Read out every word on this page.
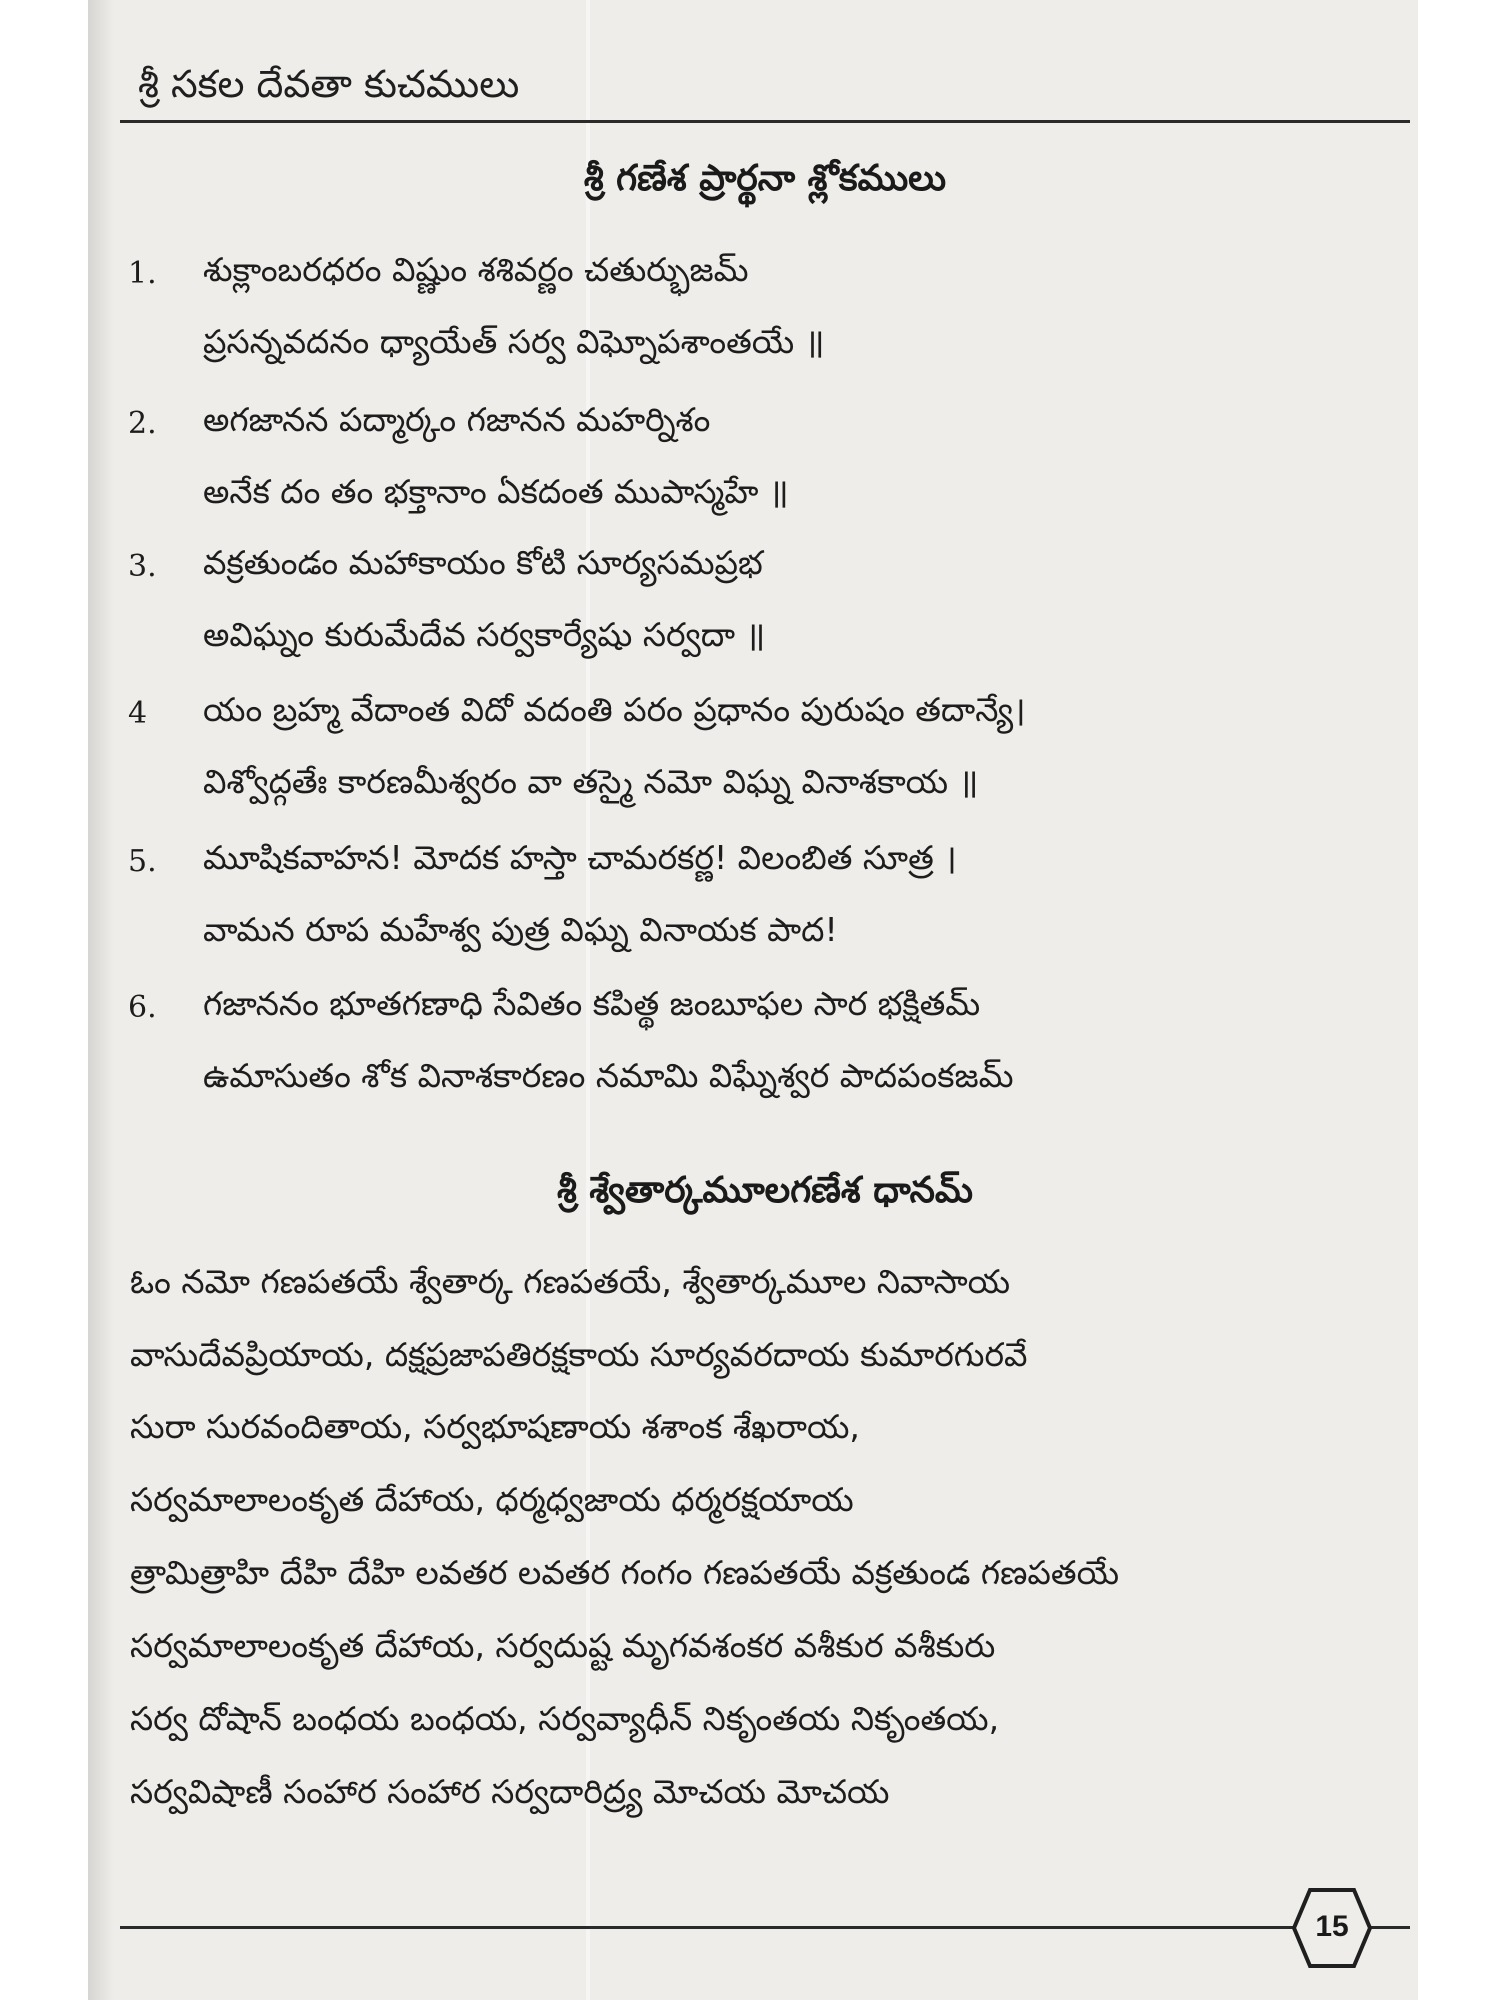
శ్రీ సకల దేవతా కుచములు
శ్రీ గణేశ ప్రార్థనా శ్లోకములు
1.	శుక్లాంబరధరం విష్ణుం శశివర్ణం చతుర్భుజమ్
ప్రసన్నవదనం ధ్యాయేత్ సర్వ విఘ్నోపశాంతయే ॥
2.	అగజానన పద్మార్కం గజానన మహర్నిశం
అనేక దం తం భక్తానాం ఏకదంత ముపాస్మహే ॥
3.	వక్రతుండం మహాకాయం కోటి సూర్యసమప్రభ
అవిఘ్నం కురుమేదేవ సర్వకార్యేషు సర్వదా ॥
4	యం బ్రహ్మ వేదాంత విదో వదంతి పరం ప్రధానం పురుషం తదాన్యే।
విశ్వోద్గతేః కారణమీశ్వరం వా తస్మై నమో విఘ్న వినాశకాయ ॥
5.	మూషికవాహన! మోదక హస్తా చామరకర్ణ! విలంబిత సూత్ర ।
వామన రూప మహేశ్వ పుత్ర విఘ్న వినాయక పాద!
6.	గజాననం భూతగణాధి సేవితం కపిత్థ జంబూఫల సార భక్షితమ్
ఉమాసుతం శోక వినాశకారణం నమామి విఘ్నేశ్వర పాదపంకజమ్
శ్రీ శ్వేతార్కమూలగణేశ ధానమ్
ఓం నమో గణపతయే శ్వేతార్క గణపతయే, శ్వేతార్కమూల నివాసాయ
వాసుదేవప్రియాయ, దక్షప్రజాపతిరక్షకాయ సూర్యవరదాయ కుమారగురవే
సురా సురవందితాయ, సర్వభూషణాయ శశాంక శేఖరాయ,
సర్వమాలాలంకృత దేహాయ, ధర్మధ్వజాయ ధర్మరక్షయాయ
త్రామిత్రాహి దేహి దేహి లవతర లవతర గంగం గణపతయే వక్రతుండ గణపతయే
సర్వమాలాలంకృత దేహాయ, సర్వదుష్ట మృగవశంకర వశీకుర వశీకురు
సర్వ దోషాన్ బంధయ బంధయ, సర్వవ్యాధీన్ నికృంతయ నికృంతయ,
సర్వవిషాణీ సంహార సంహార సర్వదారిద్ర్య మోచయ మోచయ
15
